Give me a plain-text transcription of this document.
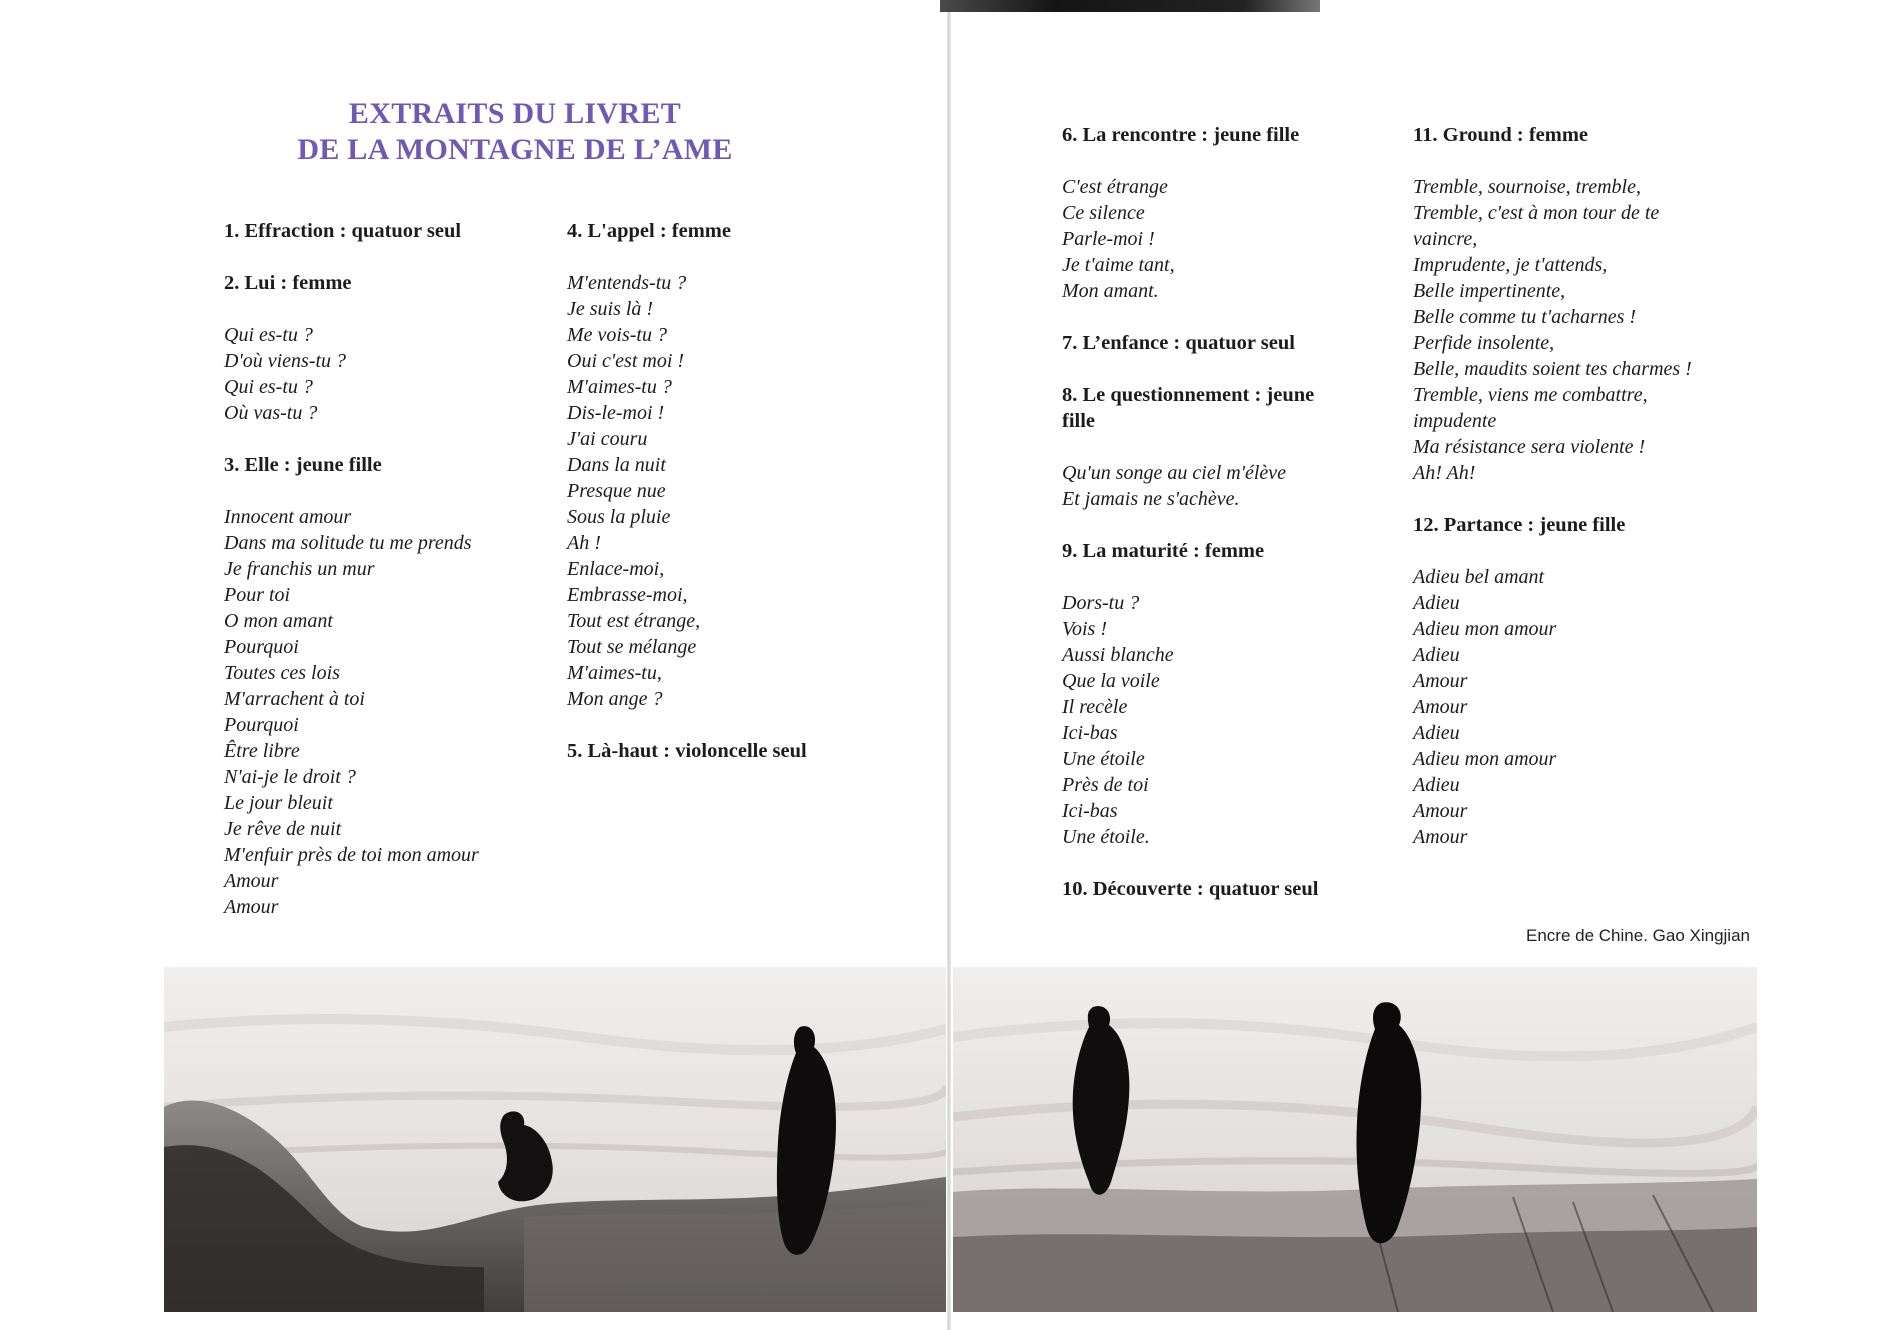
EXTRAITS DU LIVRET
DE LA MONTAGNE DE L’AME
1. Effraction : quatuor seul
2. Lui : femme
Qui es-tu ?
D'où viens-tu ?
Qui es-tu ?
Où vas-tu ?
3. Elle : jeune fille
Innocent amour
Dans ma solitude tu me prends
Je franchis un mur
Pour toi
O mon amant
Pourquoi
Toutes ces lois
M'arrachent à toi
Pourquoi
Être libre
N'ai-je le droit ?
Le jour bleuit
Je rêve de nuit
M'enfuir près de toi mon amour
Amour
Amour
4. L'appel : femme
M'entends-tu ?
Je suis là !
Me vois-tu ?
Oui c'est moi !
M'aimes-tu ?
Dis-le-moi !
J'ai couru
Dans la nuit
Presque nue
Sous la pluie
Ah !
Enlace-moi,
Embrasse-moi,
Tout est étrange,
Tout se mélange
M'aimes-tu,
Mon ange ?
5. Là-haut : violoncelle seul
6. La rencontre : jeune fille
C'est étrange
Ce silence
Parle-moi !
Je t'aime tant,
Mon amant.
7. L’enfance : quatuor seul
8. Le questionnement : jeune
fille
Qu'un songe au ciel m'élève
Et jamais ne s'achève.
9. La maturité : femme
Dors-tu ?
Vois !
Aussi blanche
Que la voile
Il recèle
Ici-bas
Une étoile
Près de toi
Ici-bas
Une étoile.
10. Découverte : quatuor seul
11. Ground : femme
Tremble, sournoise, tremble,
Tremble, c'est à mon tour de te
vaincre,
Imprudente, je t'attends,
Belle impertinente,
Belle comme tu t'acharnes !
Perfide insolente,
Belle, maudits soient tes charmes !
Tremble, viens me combattre,
impudente
Ma résistance sera violente !
Ah! Ah!
12. Partance : jeune fille
Adieu bel amant
Adieu
Adieu mon amour
Adieu
Amour
Amour
Adieu
Adieu mon amour
Adieu
Amour
Amour
Encre de Chine. Gao Xingjian
